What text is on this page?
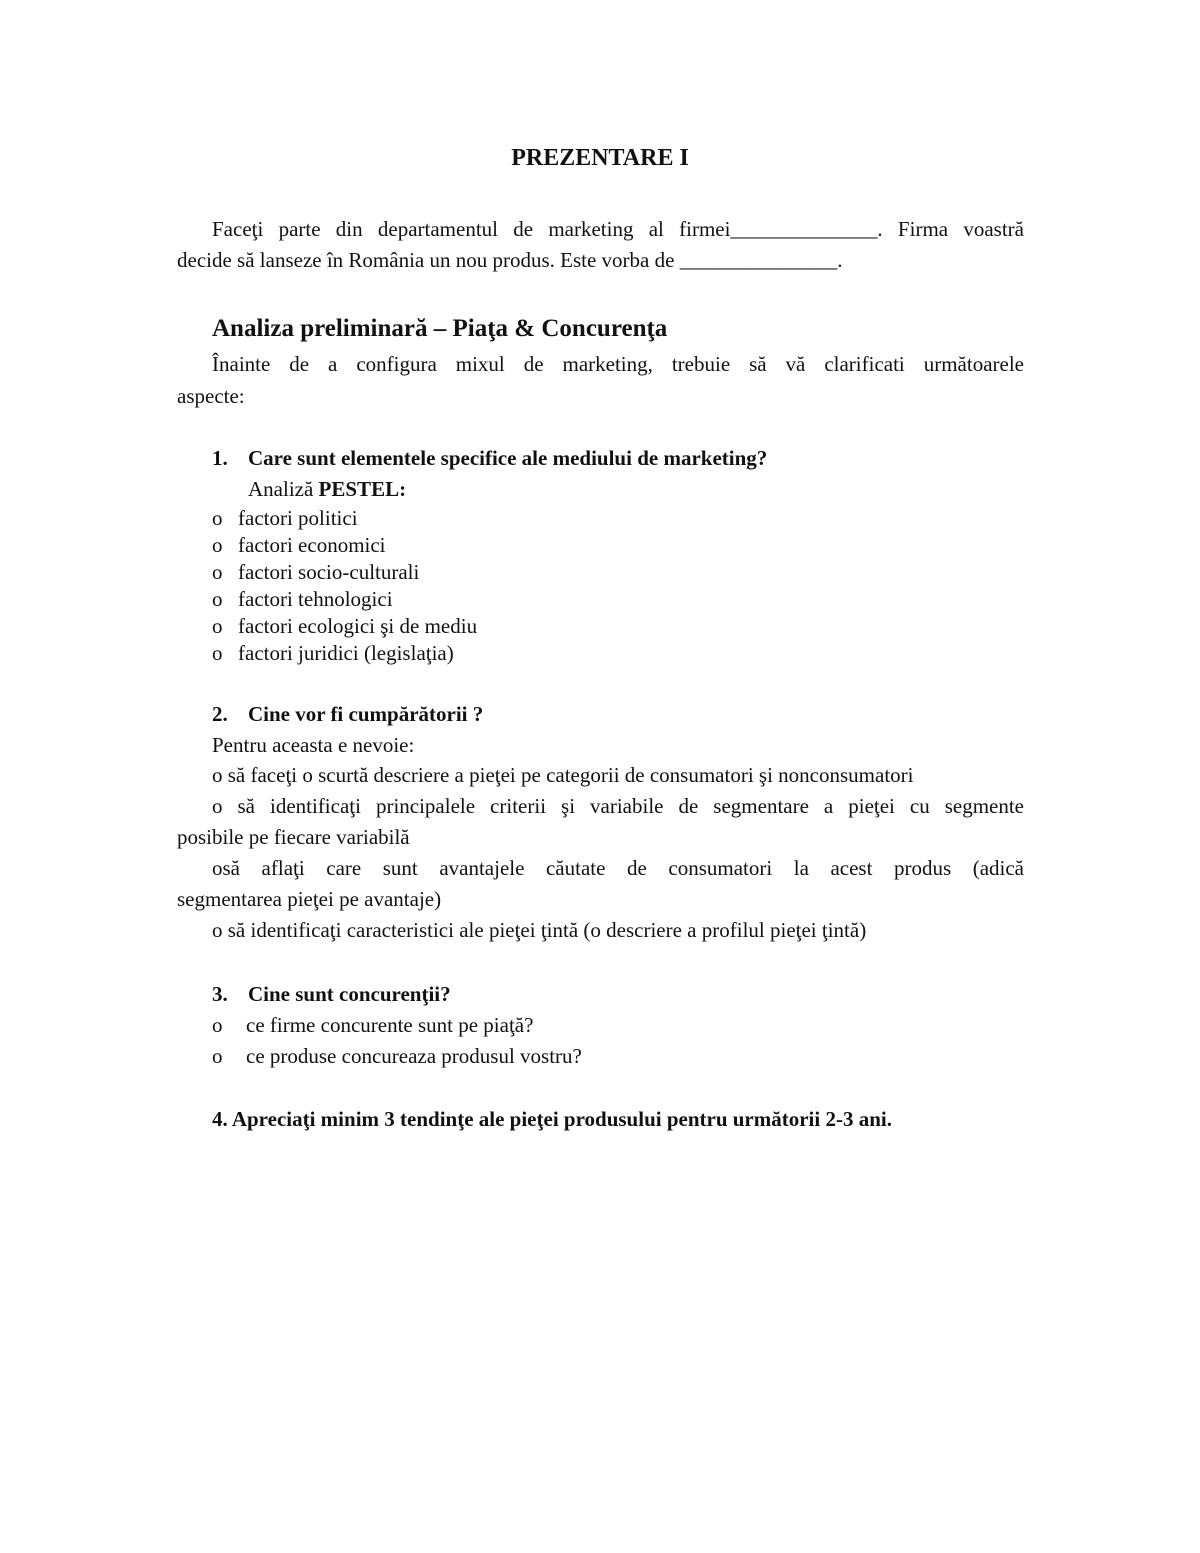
PREZENTARE I
Faceţi parte din departamentul de marketing al firmei______________. Firma voastră
decide să lanseze în România un nou produs. Este vorba de _______________.
Analiza preliminară – Piaţa & Concurenţa
Înainte de a configura mixul de marketing, trebuie să vă clarificati următoarele
aspecte:
1. Care sunt elementele specifice ale mediului de marketing?
Analiză PESTEL:
o factori politici
o factori economici
o factori socio-culturali
o factori tehnologici
o factori ecologici şi de mediu
o factori juridici (legislaţia)
2. Cine vor fi cumpărătorii ?
Pentru aceasta e nevoie:
o să faceţi o scurtă descriere a pieţei pe categorii de consumatori şi nonconsumatori
o să identificaţi principalele criterii şi variabile de segmentare a pieţei cu segmente
posibile pe fiecare variabilă
osă aflaţi care sunt avantajele căutate de consumatori la acest produs (adică
segmentarea pieţei pe avantaje)
o să identificaţi caracteristici ale pieţei ţintă (o descriere a profilul pieţei ţintă)
3. Cine sunt concurenţii?
o ce firme concurente sunt pe piaţă?
o ce produse concureaza produsul vostru?
4. Apreciaţi minim 3 tendinţe ale pieţei produsului pentru următorii 2-3 ani.
